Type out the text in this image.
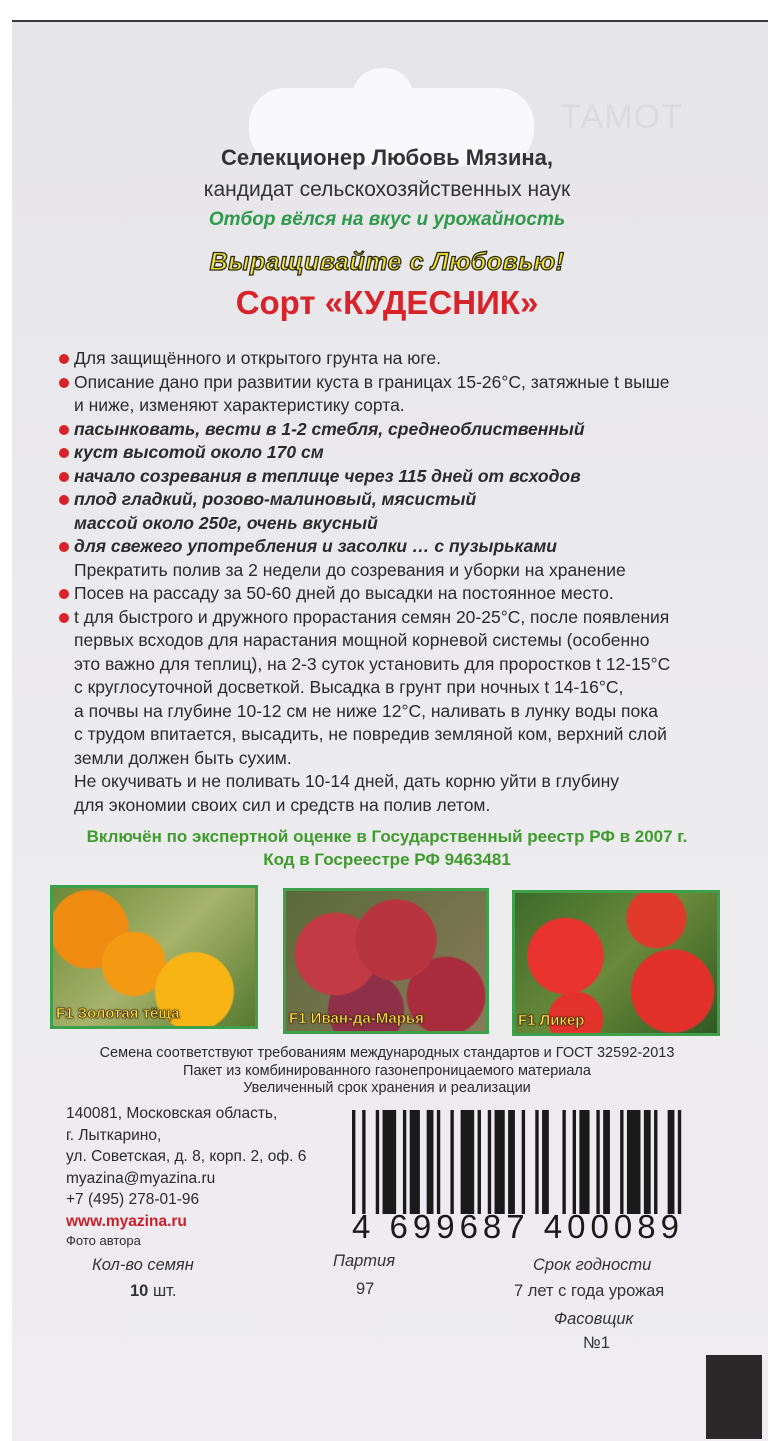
ТАМОТ
Селекционер Любовь Мязина,
кандидат сельскохозяйственных наук
Отбор вёлся на вкус и урожайность
Выращивайте с Любовью!
Сорт «КУДЕСНИК»
Для защищённого и открытого грунта на юге.
Описание дано при развитии куста в границах 15-26°C, затяжные t выше
и ниже, изменяют характеристику сорта.
пасынковать, вести в 1-2 стебля, среднеоблиственный
куст высотой около 170 см
начало созревания в теплице через 115 дней от всходов
плод гладкий, розово-малиновый, мясистый
массой около 250г, очень вкусный
для свежего употребления и засолки … с пузырьками
Прекратить полив за 2 недели до созревания и уборки на хранение
Посев на рассаду за 50-60 дней до высадки на постоянное место.
t для быстрого и дружного прорастания семян 20-25°C, после появления
первых всходов для нарастания мощной корневой системы (особенно
это важно для теплиц), на 2-3 суток установить для проростков t 12-15°C
с круглосуточной досветкой. Высадка в грунт при ночных t 14-16°C,
а почвы на глубине 10-12 см не ниже 12°C, наливать в лунку воды пока
с трудом впитается, высадить, не повредив земляной ком, верхний слой
земли должен быть сухим.
Не окучивать и не поливать 10-14 дней, дать корню уйти в глубину
для экономии своих сил и средств на полив летом.
Включён по экспертной оценке в Государственный реестр РФ в 2007 г.
Код в Госреестре РФ 9463481
F1 Золотая тёща	F1 Иван-да-Марья	F1 Ликер
Семена соответствуют требованиям международных стандартов и ГОСТ 32592-2013
Пакет из комбинированного газонепроницаемого материала
Увеличенный срок хранения и реализации
140081, Московская область,
г. Лыткарино,
ул. Советская, д. 8, корп. 2, оф. 6
myazina@myazina.ru
+7 (495) 278-01-96
www.myazina.ru
Фото автора	4 699687 400089
Кол-во семян
10 шт.
Партия
97
Срок годности
7 лет с года урожая
Фасовщик
№1
